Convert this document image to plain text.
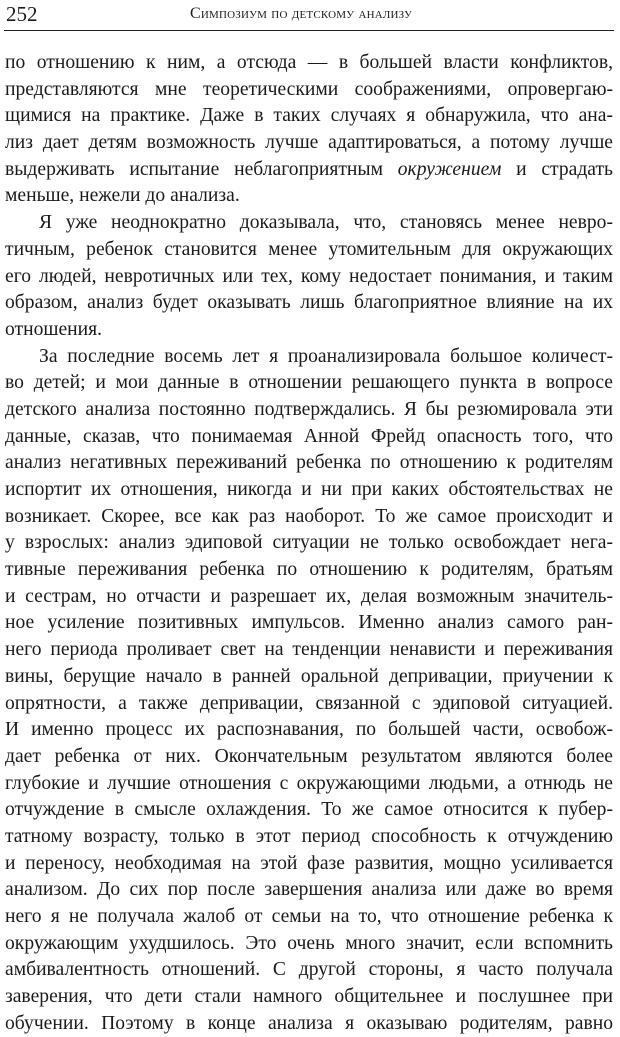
252	Симпозиум по детскому анализу
по отношению к ним, а отсюда — в большей власти конфликтов,
представляются мне теоретическими соображениями, опровергаю-
щимися на практике. Даже в таких случаях я обнаружила, что ана-
лиз дает детям возможность лучше адаптироваться, а потому лучше
выдерживать испытание неблагоприятным окружением и страдать
меньше, нежели до анализа.
Я уже неоднократно доказывала, что, становясь менее невро-
тичным, ребенок становится менее утомительным для окружающих
его людей, невротичных или тех, кому недостает понимания, и таким
образом, анализ будет оказывать лишь благоприятное влияние на их
отношения.
За последние восемь лет я проанализировала большое количест-
во детей; и мои данные в отношении решающего пункта в вопросе
детского анализа постоянно подтверждались. Я бы резюмировала эти
данные, сказав, что понимаемая Анной Фрейд опасность того, что
анализ негативных переживаний ребенка по отношению к родителям
испортит их отношения, никогда и ни при каких обстоятельствах не
возникает. Скорее, все как раз наоборот. То же самое происходит и
у взрослых: анализ эдиповой ситуации не только освобождает нега-
тивные переживания ребенка по отношению к родителям, братьям
и сестрам, но отчасти и разрешает их, делая возможным значитель-
ное усиление позитивных импульсов. Именно анализ самого ран-
него периода проливает свет на тенденции ненависти и переживания
вины, берущие начало в ранней оральной депривации, приучении к
опрятности, а также депривации, связанной с эдиповой ситуацией.
И именно процесс их распознавания, по большей части, освобож-
дает ребенка от них. Окончательным результатом являются более
глубокие и лучшие отношения с окружающими людьми, а отнюдь не
отчуждение в смысле охлаждения. То же самое относится к пубер-
татному возрасту, только в этот период способность к отчуждению
и переносу, необходимая на этой фазе развития, мощно усиливается
анализом. До сих пор после завершения анализа или даже во время
него я не получала жалоб от семьи на то, что отношение ребенка к
окружающим ухудшилось. Это очень много значит, если вспомнить
амбивалентность отношений. С другой стороны, я часто получала
заверения, что дети стали намного общительнее и послушнее при
обучении. Поэтому в конце анализа я оказываю родителям, равно
